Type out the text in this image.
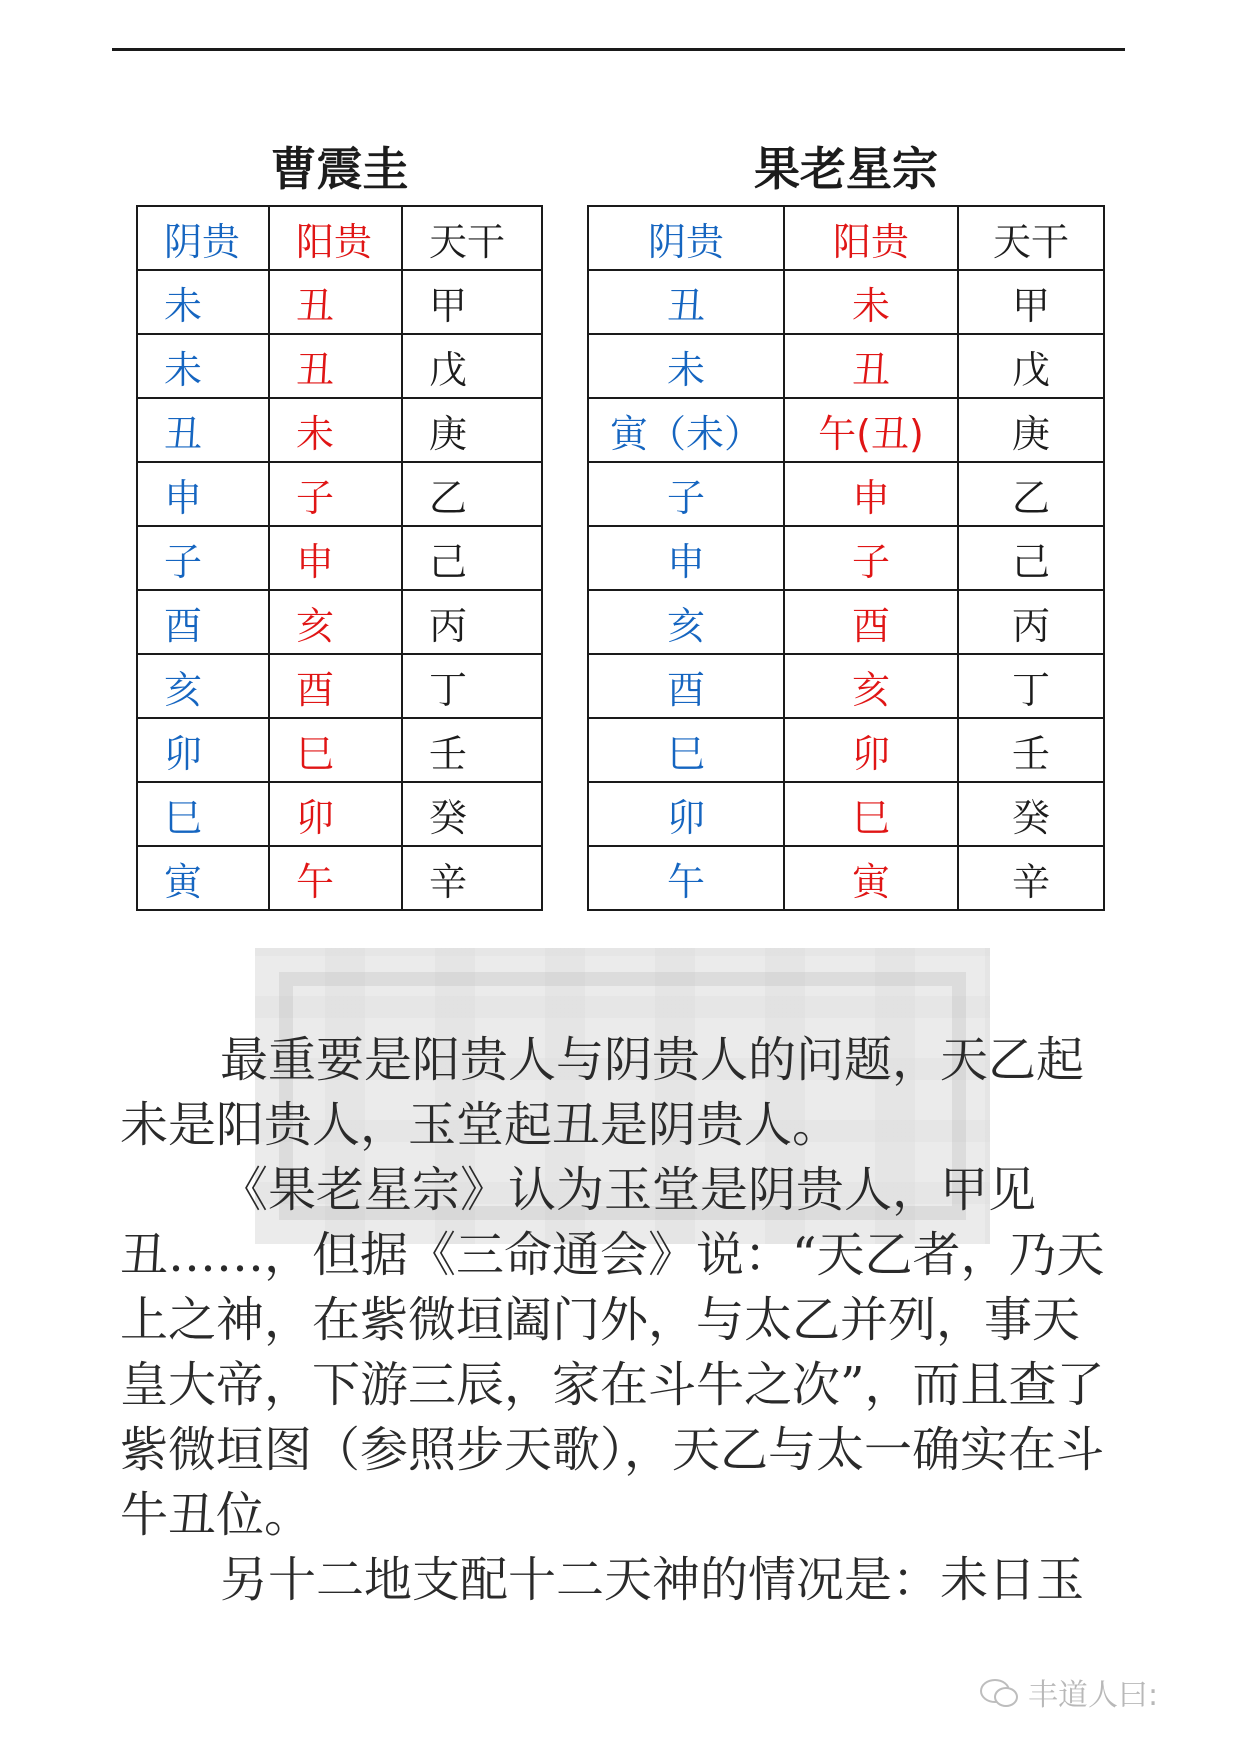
曹震圭
阴贵	阳贵	天干
未	丑	甲
未	丑	戊
丑	未	庚
申	子	乙
子	申	己
酉	亥	丙
亥	酉	丁
卯	巳	壬
巳	卯	癸
寅	午	辛
果老星宗
阴贵	阳贵	天干
丑	未	甲
未	丑	戊
寅（未）	午(丑)	庚
子	申	乙
申	子	己
亥	酉	丙
酉	亥	丁
巳	卯	壬
卯	巳	癸
午	寅	辛

最重要是阳贵人与阴贵人的问题，天乙起
未是阳贵人，玉堂起丑是阴贵人。

《果老星宗》认为玉堂是阴贵人，甲见
丑……，但据《三命通会》说：“天乙者，乃天
上之神，在紫微垣阖门外，与太乙并列，事天
皇大帝，下游三辰，家在斗牛之次”，而且查了
紫微垣图（参照步天歌），天乙与太一确实在斗
牛丑位。

另十二地支配十二天神的情况是：未日玉

丰道人曰:
